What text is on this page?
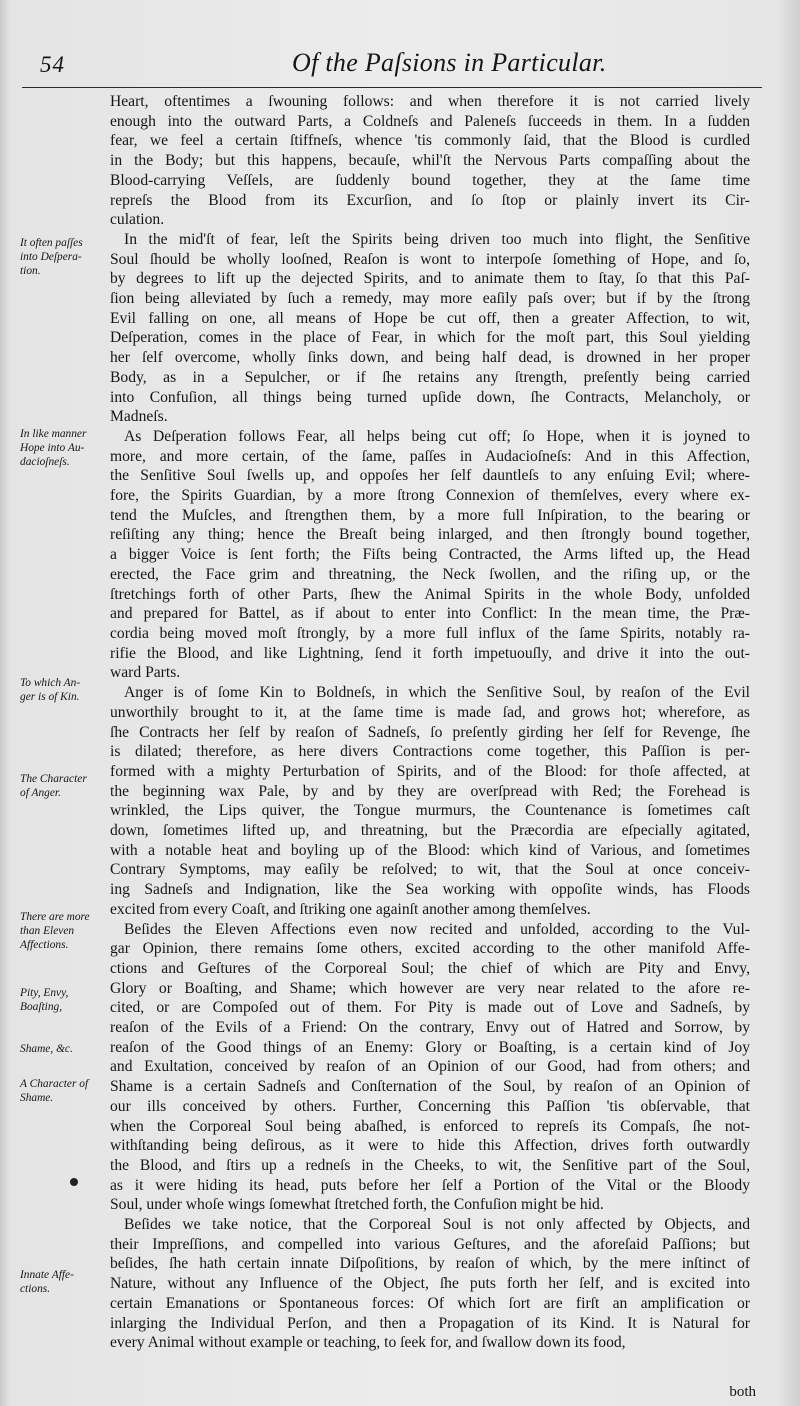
54	Of the Paſsions in Particular.
It often paſſes
into Deſpera-
tion.
In like manner
Hope into Au-
dacioſneſs.
To which An-
ger is of Kin.
The Character
of Anger.
There are more
than Eleven
Affections.
Pity, Envy,
Boaſting,
Shame, &c.
A Character of
Shame.
Innate Affe-
ctions.
Heart, oftentimes a ſwouning follows: and when therefore it is not carried lively
enough into the outward Parts, a Coldneſs and Paleneſs ſucceeds in them. In a ſudden
fear, we feel a certain ſtiffneſs, whence 'tis commonly ſaid, that the Blood is curdled
in the Body; but this happens, becauſe, whil'ſt the Nervous Parts compaſſing about the
Blood-carrying Veſſels, are ſuddenly bound together, they at the ſame time
repreſs the Blood from its Excurſion, and ſo ſtop or plainly invert its Cir-
culation.
In the mid'ſt of fear, leſt the Spirits being driven too much into flight, the Senſitive
Soul ſhould be wholly looſned, Reaſon is wont to interpoſe ſomething of Hope, and ſo,
by degrees to lift up the dejected Spirits, and to animate them to ſtay, ſo that this Paſ-
ſion being alleviated by ſuch a remedy, may more eaſily paſs over; but if by the ſtrong
Evil falling on one, all means of Hope be cut off, then a greater Affection, to wit,
Deſperation, comes in the place of Fear, in which for the moſt part, this Soul yielding
her ſelf overcome, wholly ſinks down, and being half dead, is drowned in her proper
Body, as in a Sepulcher, or if ſhe retains any ſtrength, preſently being carried
into Confuſion, all things being turned upſide down, ſhe Contracts, Melancholy, or
Madneſs.
As Deſperation follows Fear, all helps being cut off; ſo Hope, when it is joyned to
more, and more certain, of the ſame, paſſes in Audacioſneſs: And in this Affection,
the Senſitive Soul ſwells up, and oppoſes her ſelf dauntleſs to any enſuing Evil; where-
fore, the Spirits Guardian, by a more ſtrong Connexion of themſelves, every where ex-
tend the Muſcles, and ſtrengthen them, by a more full Inſpiration, to the bearing or
reſiſting any thing; hence the Breaſt being inlarged, and then ſtrongly bound together,
a bigger Voice is ſent forth; the Fiſts being Contracted, the Arms lifted up, the Head
erected, the Face grim and threatning, the Neck ſwollen, and the riſing up, or the
ſtretchings forth of other Parts, ſhew the Animal Spirits in the whole Body, unfolded
and prepared for Battel, as if about to enter into Conflict: In the mean time, the Præ-
cordia being moved moſt ſtrongly, by a more full influx of the ſame Spirits, notably ra-
rifie the Blood, and like Lightning, ſend it forth impetuouſly, and drive it into the out-
ward Parts.
Anger is of ſome Kin to Boldneſs, in which the Senſitive Soul, by reaſon of the Evil
unworthily brought to it, at the ſame time is made ſad, and grows hot; wherefore, as
ſhe Contracts her ſelf by reaſon of Sadneſs, ſo preſently girding her ſelf for Revenge, ſhe
is dilated; therefore, as here divers Contractions come together, this Paſſion is per-
formed with a mighty Perturbation of Spirits, and of the Blood: for thoſe affected, at
the beginning wax Pale, by and by they are overſpread with Red; the Forehead is
wrinkled, the Lips quiver, the Tongue murmurs, the Countenance is ſometimes caſt
down, ſometimes lifted up, and threatning, but the Præcordia are eſpecially agitated,
with a notable heat and boyling up of the Blood: which kind of Various, and ſometimes
Contrary Symptoms, may eaſily be reſolved; to wit, that the Soul at once conceiv-
ing Sadneſs and Indignation, like the Sea working with oppoſite winds, has Floods
excited from every Coaſt, and ſtriking one againſt another among themſelves.
Beſides the Eleven Affections even now recited and unfolded, according to the Vul-
gar Opinion, there remains ſome others, excited according to the other manifold Affe-
ctions and Geſtures of the Corporeal Soul; the chief of which are Pity and Envy,
Glory or Boaſting, and Shame; which however are very near related to the afore re-
cited, or are Compoſed out of them. For Pity is made out of Love and Sadneſs, by
reaſon of the Evils of a Friend: On the contrary, Envy out of Hatred and Sorrow, by
reaſon of the Good things of an Enemy: Glory or Boaſting, is a certain kind of Joy
and Exultation, conceived by reaſon of an Opinion of our Good, had from others; and
Shame is a certain Sadneſs and Conſternation of the Soul, by reaſon of an Opinion of
our ills conceived by others. Further, Concerning this Paſſion 'tis obſervable, that
when the Corporeal Soul being abaſhed, is enforced to repreſs its Compaſs, ſhe not-
withſtanding being deſirous, as it were to hide this Affection, drives forth outwardly
the Blood, and ſtirs up a redneſs in the Cheeks, to wit, the Senſitive part of the Soul,
as it were hiding its head, puts before her ſelf a Portion of the Vital or the Bloody
Soul, under whoſe wings ſomewhat ſtretched forth, the Confuſion might be hid.
Beſides we take notice, that the Corporeal Soul is not only affected by Objects, and
their Impreſſions, and compelled into various Geſtures, and the aforeſaid Paſſions; but
beſides, ſhe hath certain innate Diſpoſitions, by reaſon of which, by the mere inſtinct of
Nature, without any Influence of the Object, ſhe puts forth her ſelf, and is excited into
certain Emanations or Spontaneous forces: Of which ſort are firſt an amplification or
inlarging the Individual Perſon, and then a Propagation of its Kind. It is Natural for
every Animal without example or teaching, to ſeek for, and ſwallow down its food,
both
